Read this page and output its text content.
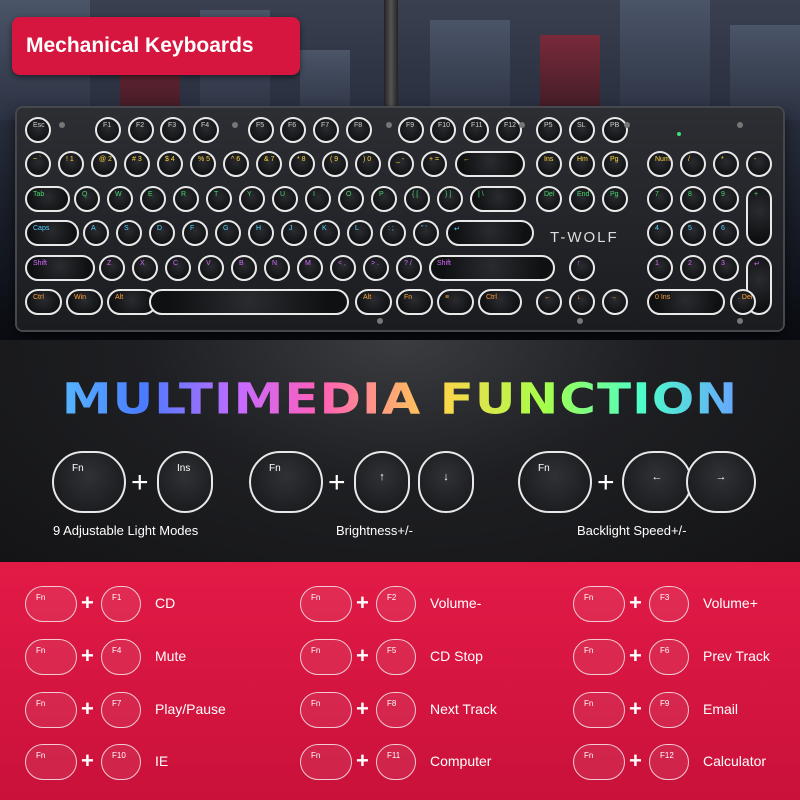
Mechanical Keyboards
T-WOLF
Esc	F1	F2	F3	F4	F5	F6	F7	F8	F9	F10	F11	F12	P5	SL	PB
~ `	! 1	@ 2	# 3	$ 4	% 5	^ 6	& 7	* 8	( 9	) 0	_ -	+ =	←	Ins	Hm	Pg	Num	/	*	-
Tab	Q	W	E	R	T	Y	U	I	O	P	{ [	} ]	| \	Del	End	Pg	7	8	9	+
Caps	A	S	D	F	G	H	J	K	L	: ;	" '	↵	4	5	6
Shift	Z	X	C	V	B	N	M	< ,	> .	? /	Shift	↑	1	2	3	↵
Ctrl	Win	Alt	Alt	Fn	≡	Ctrl	←	↓	→	0 Ins	. Del
MULTIMEDIA FUNCTION
Fn	+	Ins
9 Adjustable Light Modes
Fn	+	↑	↓
Brightness+/-
Fn	+	←	→
Backlight Speed+/-
Fn	+	F1	CD	Fn	+	F2	Volume-	Fn	+	F3	Volume+
Fn	+	F4	Mute	Fn	+	F5	CD Stop	Fn	+	F6	Prev Track
Fn	+	F7	Play/Pause	Fn	+	F8	Next Track	Fn	+	F9	Email
Fn	+	F10	IE	Fn	+	F11	Computer	Fn	+	F12	Calculator
